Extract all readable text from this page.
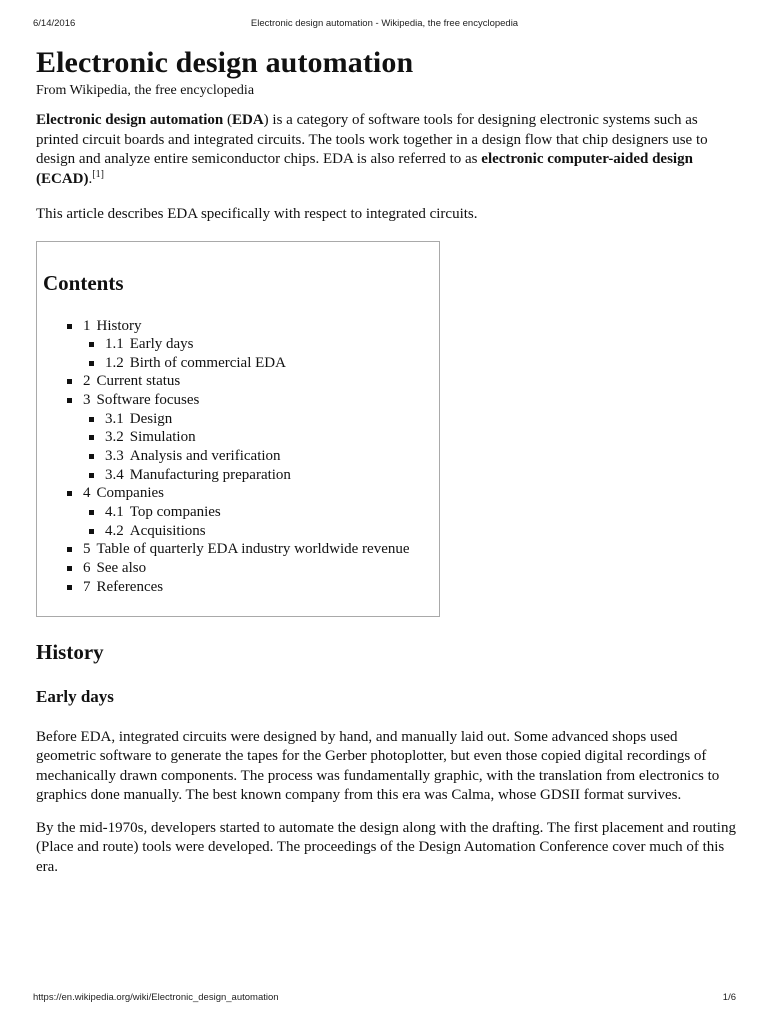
6/14/2016	Electronic design automation - Wikipedia, the free encyclopedia
Electronic design automation
From Wikipedia, the free encyclopedia

Electronic design automation (EDA) is a category of software tools for designing electronic systems such as printed circuit boards and integrated circuits. The tools work together in a design flow that chip designers use to design and analyze entire semiconductor chips. EDA is also referred to as electronic computer-aided design (ECAD).[1]

This article describes EDA specifically with respect to integrated circuits.

Contents
1 History
1.1 Early days
1.2 Birth of commercial EDA
2 Current status
3 Software focuses
3.1 Design
3.2 Simulation
3.3 Analysis and verification
3.4 Manufacturing preparation
4 Companies
4.1 Top companies
4.2 Acquisitions
5 Table of quarterly EDA industry worldwide revenue
6 See also
7 References
History
Early days

Before EDA, integrated circuits were designed by hand, and manually laid out. Some advanced shops used geometric software to generate the tapes for the Gerber photoplotter, but even those copied digital recordings of mechanically drawn components. The process was fundamentally graphic, with the translation from electronics to graphics done manually. The best known company from this era was Calma, whose GDSII format survives.

By the mid-1970s, developers started to automate the design along with the drafting. The first placement and routing (Place and route) tools were developed. The proceedings of the Design Automation Conference cover much of this era.

https://en.wikipedia.org/wiki/Electronic_design_automation	1/6
